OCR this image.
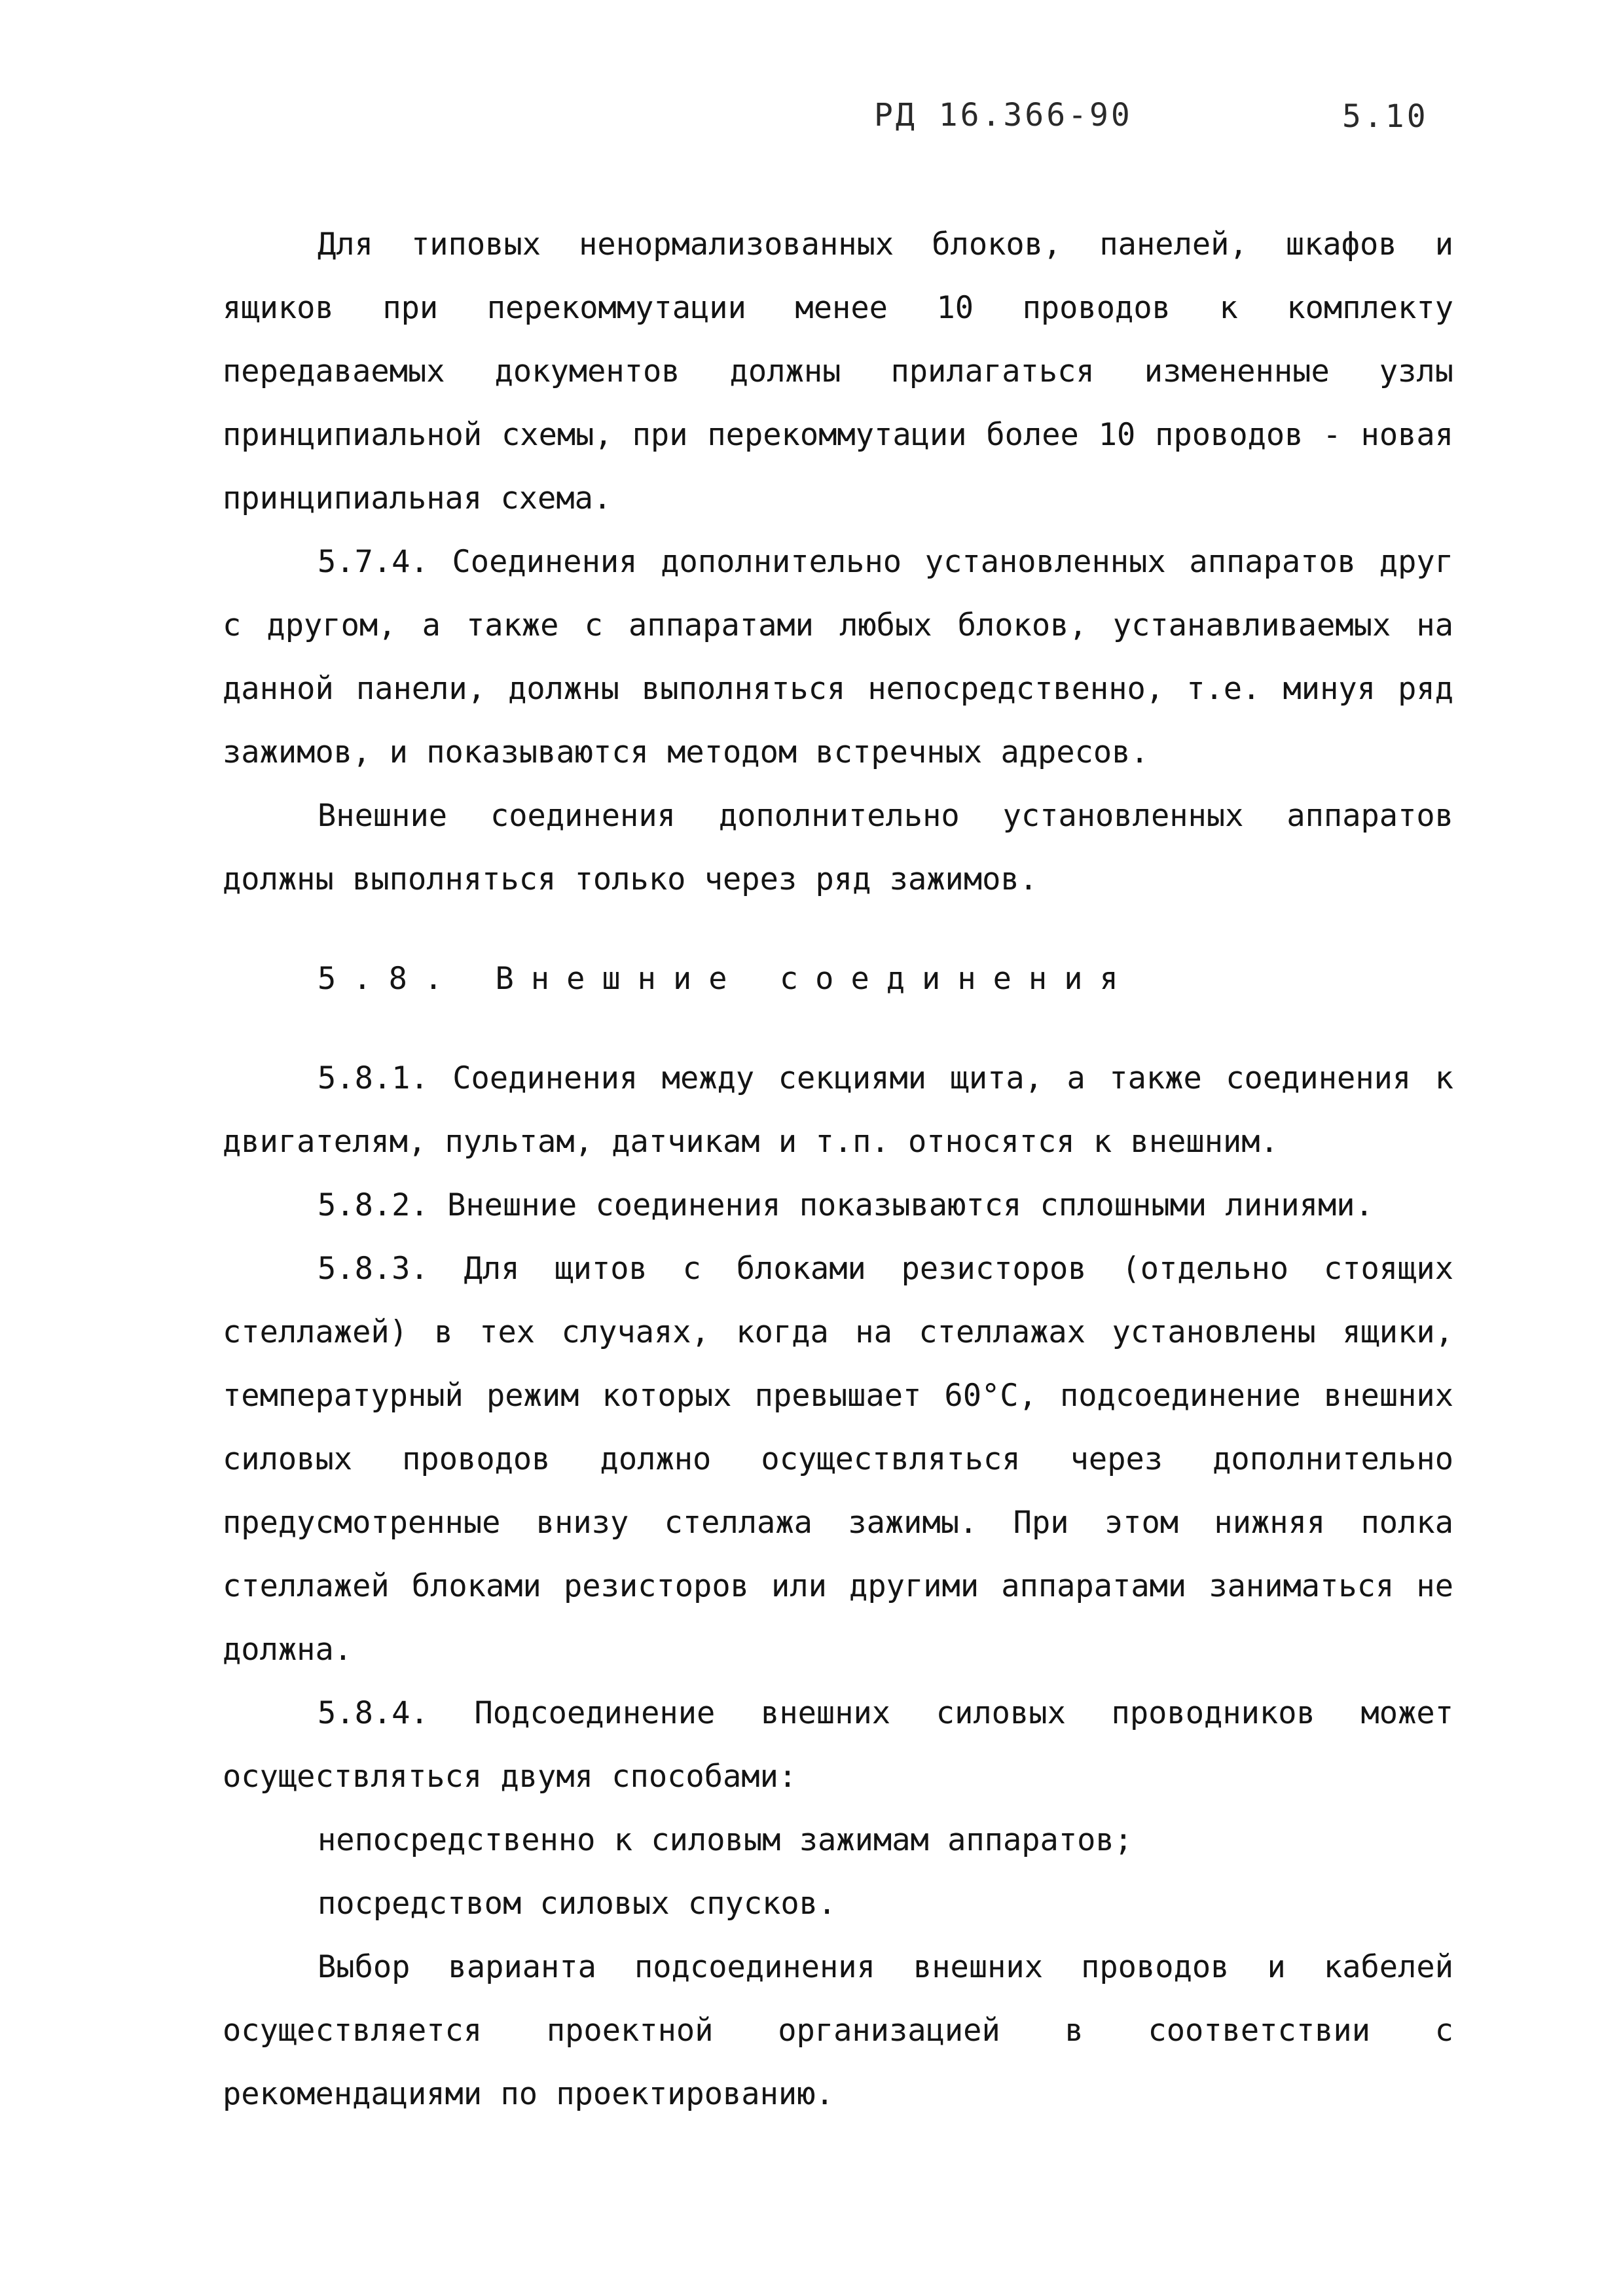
РД 16.366-90	5.10

Для типовых ненормализованных блоков, панелей, шкафов и ящиков при перекоммутации менее 10 проводов к комплекту передаваемых документов должны прилагаться измененные узлы принципиальной схемы, при перекоммутации более 10 проводов - новая принципиальная схема.

5.7.4. Соединения дополнительно установленных аппаратов друг с другом, а также с аппаратами любых блоков, устанавливаемых на данной панели, должны выполняться непосредственно, т.е. минуя ряд зажимов, и показываются методом встречных адресов.

Внешние соединения дополнительно установленных аппаратов должны выполняться только через ряд зажимов.

5.8. Внешние соединения

5.8.1. Соединения между секциями щита, а также соединения к двигателям, пультам, датчикам и т.п. относятся к внешним.

5.8.2. Внешние соединения показываются сплошными линиями.

5.8.3. Для щитов с блоками резисторов (отдельно стоящих стеллажей) в тех случаях, когда на стеллажах установлены ящики, температурный режим которых превышает 60°С, подсоединение внешних силовых проводов должно осуществляться через дополнительно предусмотренные внизу стеллажа зажимы. При этом нижняя полка стеллажей блоками резисторов или другими аппаратами заниматься не должна.

5.8.4. Подсоединение внешних силовых проводников может осуществляться двумя способами:

непосредственно к силовым зажимам аппаратов;

посредством силовых спусков.

Выбор варианта подсоединения внешних проводов и кабелей осуществляется проектной организацией в соответствии с рекомендациями по проектированию.
